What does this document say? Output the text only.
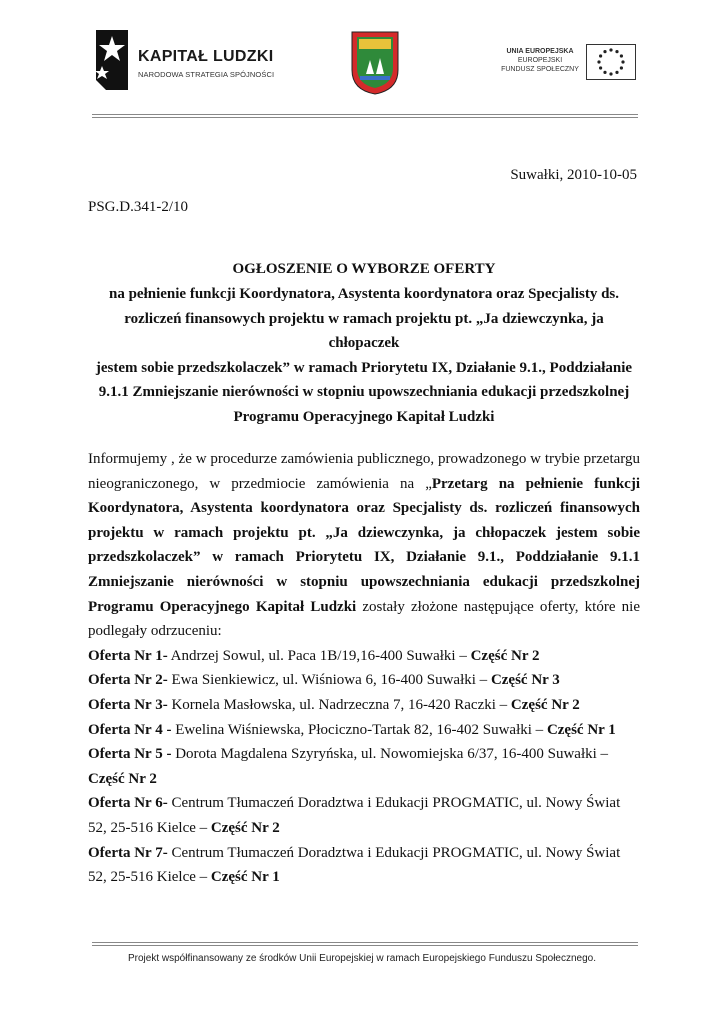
KAPITAŁ LUDZKI
NARODOWA STRATEGIA SPÓJNOŚCI
UNIA EUROPEJSKA
EUROPEJSKI
FUNDUSZ SPOŁECZNY
Suwałki, 2010-10-05
PSG.D.341-2/10
OGŁOSZENIE O WYBORZE OFERTY
na pełnienie funkcji Koordynatora, Asystenta koordynatora oraz Specjalisty ds.
rozliczeń finansowych projektu w ramach projektu pt. „Ja dziewczynka, ja chłopaczek
jestem sobie przedszkolaczek” w ramach Priorytetu IX, Działanie 9.1., Poddziałanie
9.1.1 Zmniejszanie nierówności w stopniu upowszechniania edukacji przedszkolnej
Programu Operacyjnego Kapitał Ludzki

Informujemy , że w procedurze zamówienia publicznego, prowadzonego w trybie przetargu nieograniczonego, w przedmiocie zamówienia na „Przetarg na pełnienie funkcji Koordynatora, Asystenta koordynatora oraz Specjalisty ds. rozliczeń finansowych projektu w ramach projektu pt. „Ja dziewczynka, ja chłopaczek jestem sobie przedszkolaczek” w ramach Priorytetu IX, Działanie 9.1., Poddziałanie 9.1.1 Zmniejszanie nierówności w stopniu upowszechniania edukacji przedszkolnej Programu Operacyjnego Kapitał Ludzki zostały złożone następujące oferty, które nie podlegały odrzuceniu:

Oferta Nr 1- Andrzej Sowul, ul. Paca 1B/19,16-400 Suwałki – Część Nr 2

Oferta Nr 2- Ewa Sienkiewicz, ul. Wiśniowa 6, 16-400 Suwałki – Część Nr 3

Oferta Nr 3- Kornela Masłowska, ul. Nadrzeczna 7, 16-420 Raczki – Część Nr 2

Oferta Nr 4 - Ewelina Wiśniewska, Płociczno-Tartak 82, 16-402 Suwałki – Część Nr 1

Oferta Nr 5 - Dorota Magdalena Szyryńska, ul. Nowomiejska 6/37, 16-400 Suwałki – Część Nr 2

Oferta Nr 6- Centrum Tłumaczeń Doradztwa i Edukacji PROGMATIC, ul. Nowy Świat 52, 25-516 Kielce – Część Nr 2

Oferta Nr 7- Centrum Tłumaczeń Doradztwa i Edukacji PROGMATIC, ul. Nowy Świat 52, 25-516 Kielce – Część Nr 1

Projekt współfinansowany ze środków Unii Europejskiej w ramach Europejskiego Funduszu Społecznego.
